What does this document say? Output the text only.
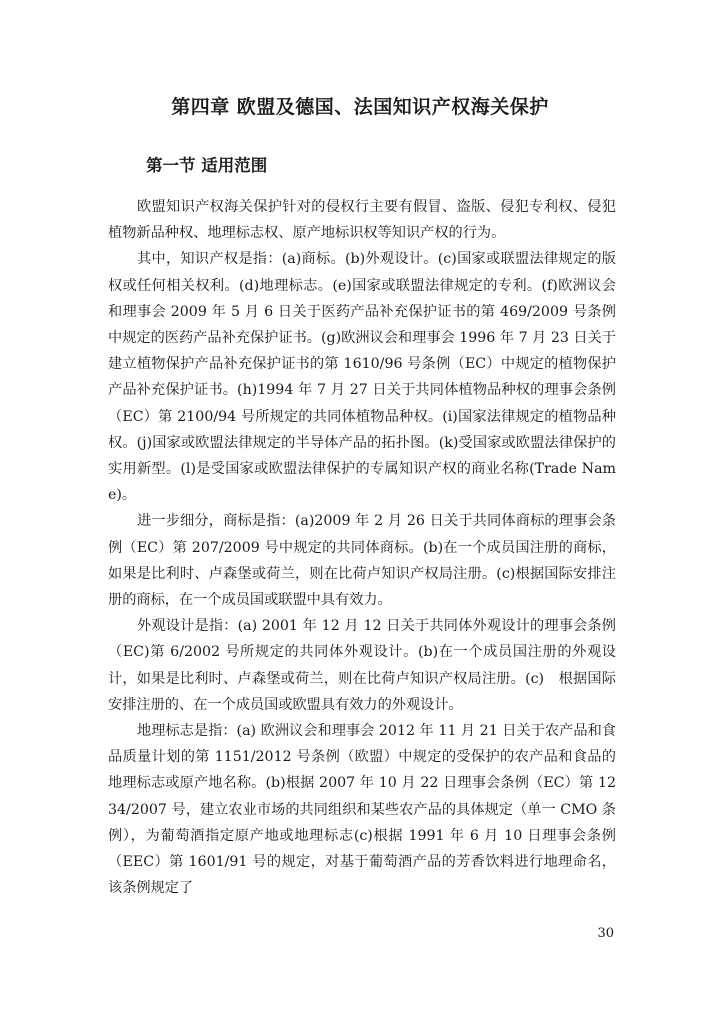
第四章 欧盟及德国、法国知识产权海关保护
第一节 适用范围

欧盟知识产权海关保护针对的侵权行主要有假冒、盗版、侵犯专利权、侵犯植物新品种权、地理标志权、原产地标识权等知识产权的行为。

其中，知识产权是指：(a)商标。(b)外观设计。(c)国家或联盟法律规定的版权或任何相关权利。(d)地理标志。(e)国家或联盟法律规定的专利。(f)欧洲议会和理事会 2009 年 5 月 6 日关于医药产品补充保护证书的第 469/2009 号条例中规定的医药产品补充保护证书。(g)欧洲议会和理事会 1996 年 7 月 23 日关于建立植物保护产品补充保护证书的第 1610/96 号条例（EC）中规定的植物保护产品补充保护证书。(h)1994 年 7 月 27 日关于共同体植物品种权的理事会条例（EC）第 2100/94 号所规定的共同体植物品种权。(i)国家法律规定的植物品种权。(j)国家或欧盟法律规定的半导体产品的拓扑图。(k)受国家或欧盟法律保护的实用新型。(l)是受国家或欧盟法律保护的专属知识产权的商业名称(Trade Name)。

进一步细分，商标是指：(a)2009 年 2 月 26 日关于共同体商标的理事会条例（EC）第 207/2009 号中规定的共同体商标。(b)在一个成员国注册的商标，如果是比利时、卢森堡或荷兰，则在比荷卢知识产权局注册。(c)根据国际安排注册的商标，在一个成员国或联盟中具有效力。

外观设计是指：(a) 2001 年 12 月 12 日关于共同体外观设计的理事会条例（EC)第 6/2002 号所规定的共同体外观设计。(b)在一个成员国注册的外观设计，如果是比利时、卢森堡或荷兰，则在比荷卢知识产权局注册。(c)　根据国际安排注册的、在一个成员国或欧盟具有效力的外观设计。

地理标志是指：(a) 欧洲议会和理事会 2012 年 11 月 21 日关于农产品和食品质量计划的第 1151/2012 号条例（欧盟）中规定的受保护的农产品和食品的地理标志或原产地名称。(b)根据 2007 年 10 月 22 日理事会条例（EC）第 1234/2007 号，建立农业市场的共同组织和某些农产品的具体规定（单一 CMO 条例），为葡萄酒指定原产地或地理标志(c)根据 1991 年 6 月 10 日理事会条例（EEC）第 1601/91 号的规定，对基于葡萄酒产品的芳香饮料进行地理命名，该条例规定了

30
